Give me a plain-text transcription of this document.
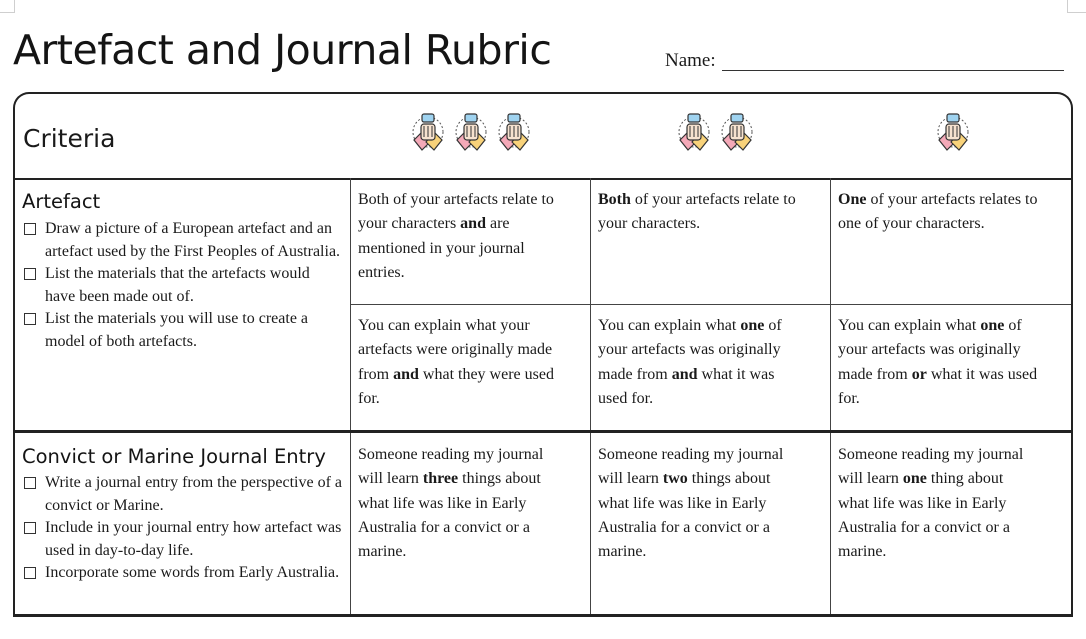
Artefact and Journal Rubric	Name:
Criteria
Artefact
Draw a picture of a European artefact and an artefact used by the First Peoples of Australia.
List the materials that the artefacts would have been made out of.
List the materials you will use to create a model of both artefacts.
Both of your artefacts relate to
your characters and are
mentioned in your journal
entries.
Both of your artefacts relate to
your characters.
One of your artefacts relates to
one of your characters.
You can explain what your
artefacts were originally made
from and what they were used
for.
You can explain what one of
your artefacts was originally
made from and what it was
used for.
You can explain what one of
your artefacts was originally
made from or what it was used
for.
Convict or Marine Journal Entry
Write a journal entry from the perspective of a convict or Marine.
Include in your journal entry how artefact was used in day-to-day life.
Incorporate some words from Early Australia.
Someone reading my journal
will learn three things about
what life was like in Early
Australia for a convict or a
marine.
Someone reading my journal
will learn two things about
what life was like in Early
Australia for a convict or a
marine.
Someone reading my journal
will learn one thing about
what life was like in Early
Australia for a convict or a
marine.
